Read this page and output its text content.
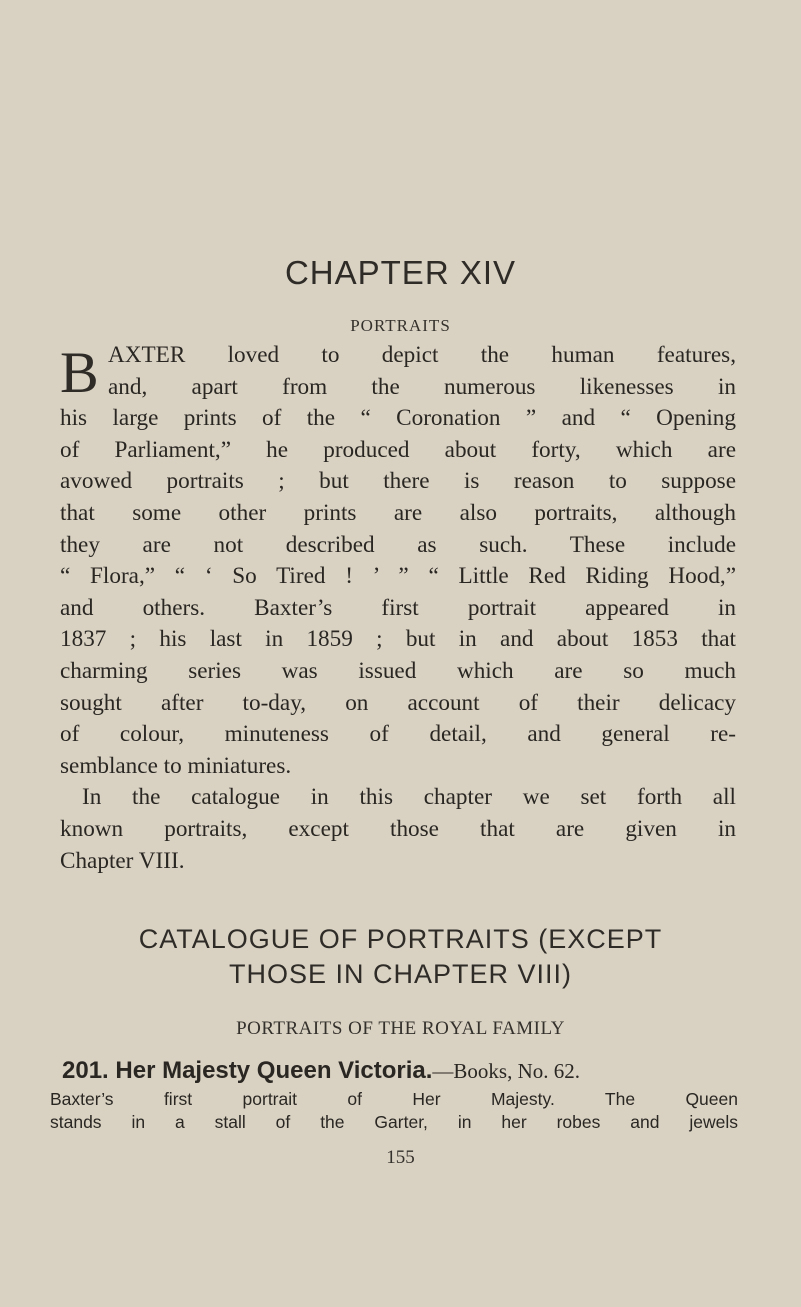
CHAPTER XIV
PORTRAITS
B AXTER loved to depict the human features,
and, apart from the numerous likenesses in
his large prints of the “ Coronation ” and “ Opening
of Parliament,” he produced about forty, which are
avowed portraits ; but there is reason to suppose
that some other prints are also portraits, although
they are not described as such. These include
“ Flora,” “ ‘ So Tired ! ’ ” “ Little Red Riding Hood,”
and others. Baxter’s first portrait appeared in
1837 ; his last in 1859 ; but in and about 1853 that
charming series was issued which are so much
sought after to-day, on account of their delicacy
of colour, minuteness of detail, and general re-
semblance to miniatures.
In the catalogue in this chapter we set forth all
known portraits, except those that are given in
Chapter VIII.
CATALOGUE OF PORTRAITS (EXCEPT
THOSE IN CHAPTER VIII)
PORTRAITS OF THE ROYAL FAMILY
201. Her Majesty Queen Victoria.—Books, No. 62.
Baxter’s first portrait of Her Majesty. The Queen
stands in a stall of the Garter, in her robes and jewels
155
